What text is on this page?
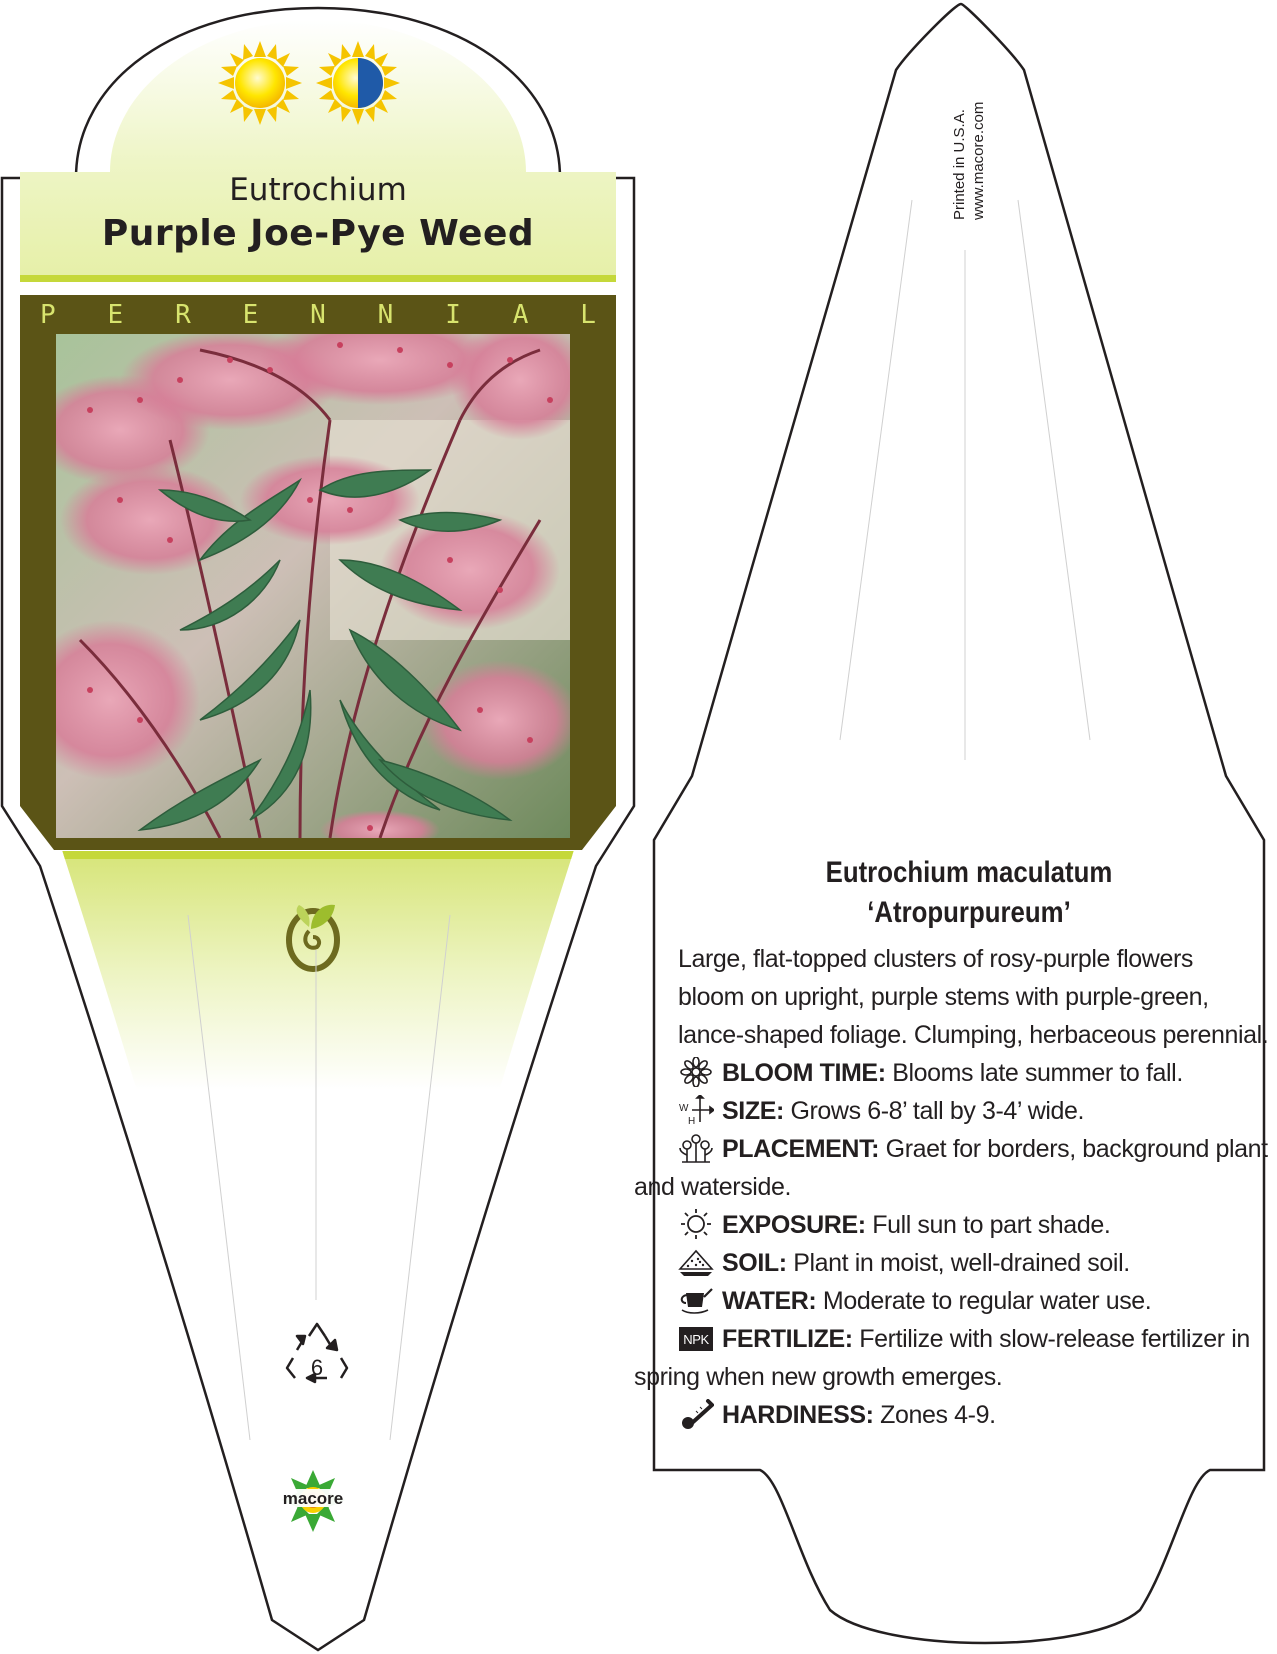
Eutrochium
Purple Joe-Pye Weed
P E R E N N I A L
6
macore
Printed in U.S.A. www.macore.com
Eutrochium maculatum
‘Atropurpureum’
Large, flat-topped clusters of rosy-purple flowers
bloom on upright, purple stems with purple-green,
lance-shaped foliage. Clumping, herbaceous perennial.
BLOOM TIME: Blooms late summer to fall.
W
H SIZE: Grows 6-8’ tall by 3-4’ wide.
PLACEMENT: Graet for borders, background plant
and waterside.
EXPOSURE: Full sun to part shade.
SOIL: Plant in moist, well-drained soil.
WATER: Moderate to regular water use.
NPK FERTILIZE: Fertilize with slow-release fertilizer in
spring when new growth emerges.
HARDINESS: Zones 4-9.
